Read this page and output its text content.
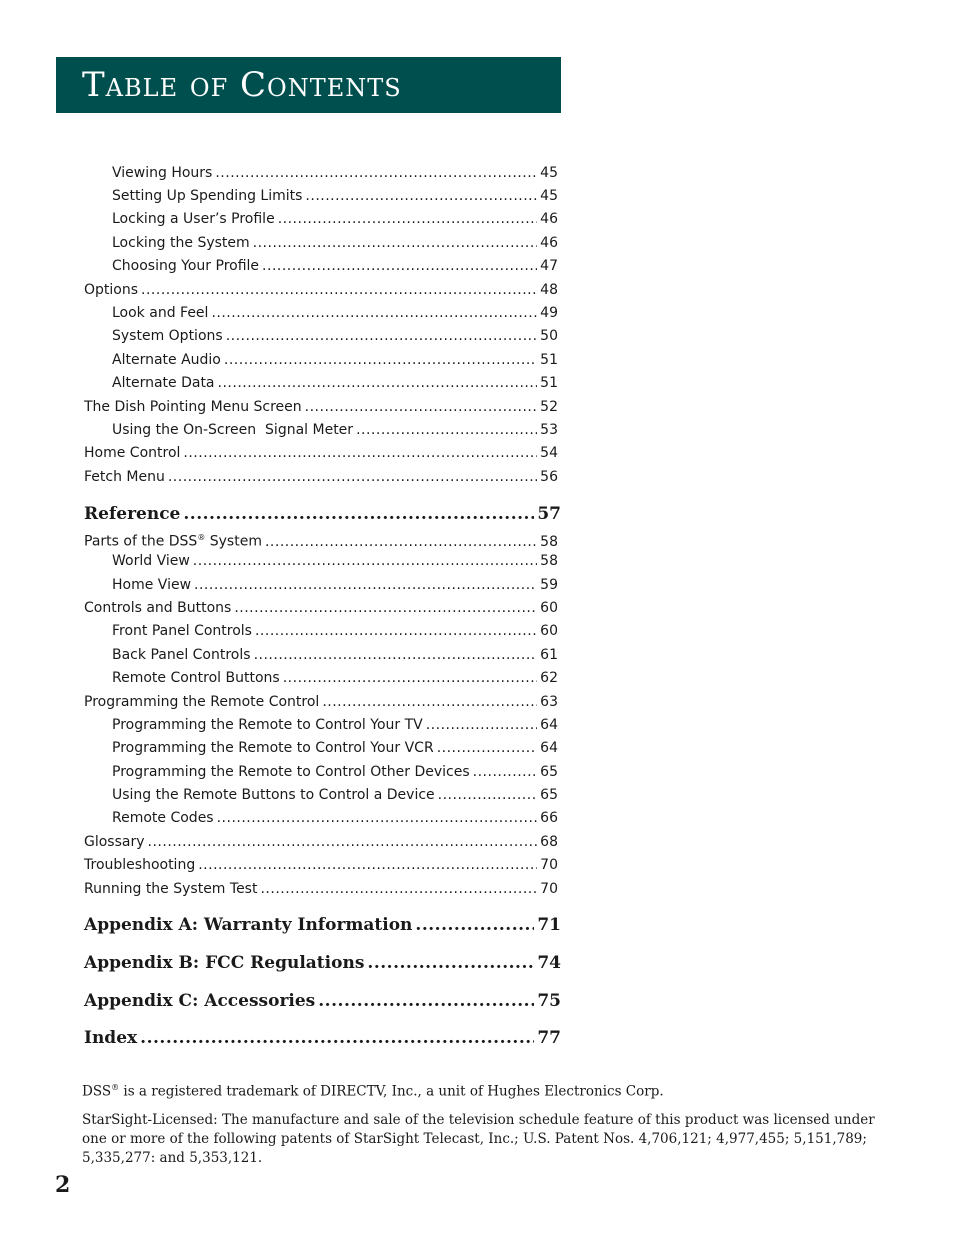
Table of Contents
Viewing Hours .....	45
Setting Up Spending Limits .....	45
Locking a User’s Profile .....	46
Locking the System .....	46
Choosing Your Profile .....	47
Options .....	48
Look and Feel .....	49
System Options .....	50
Alternate Audio .....	51
Alternate Data .....	51
The Dish Pointing Menu Screen .....	52
Using the On-Screen  Signal Meter .....	53
Home Control .....	54
Fetch Menu .....	56
Reference .....	57
Parts of the DSS® System .....	58
World View .....	58
Home View .....	59
Controls and Buttons .....	60
Front Panel Controls .....	60
Back Panel Controls .....	61
Remote Control Buttons .....	62
Programming the Remote Control .....	63
Programming the Remote to Control Your TV .....	64
Programming the Remote to Control Your VCR .....	64
Programming the Remote to Control Other Devices .....	65
Using the Remote Buttons to Control a Device .....	65
Remote Codes .....	66
Glossary .....	68
Troubleshooting .....	70
Running the System Test .....	70
Appendix A: Warranty Information .....	71
Appendix B: FCC Regulations .....	74
Appendix C: Accessories .....	75
Index .....	77

DSS® is a registered trademark of DIRECTV, Inc., a unit of Hughes Electronics Corp.

StarSight-Licensed: The manufacture and sale of the television schedule feature of this product was licensed under one or more of the following patents of StarSight Telecast, Inc.; U.S. Patent Nos. 4,706,121; 4,977,455; 5,151,789; 5,335,277: and 5,353,121.

2
